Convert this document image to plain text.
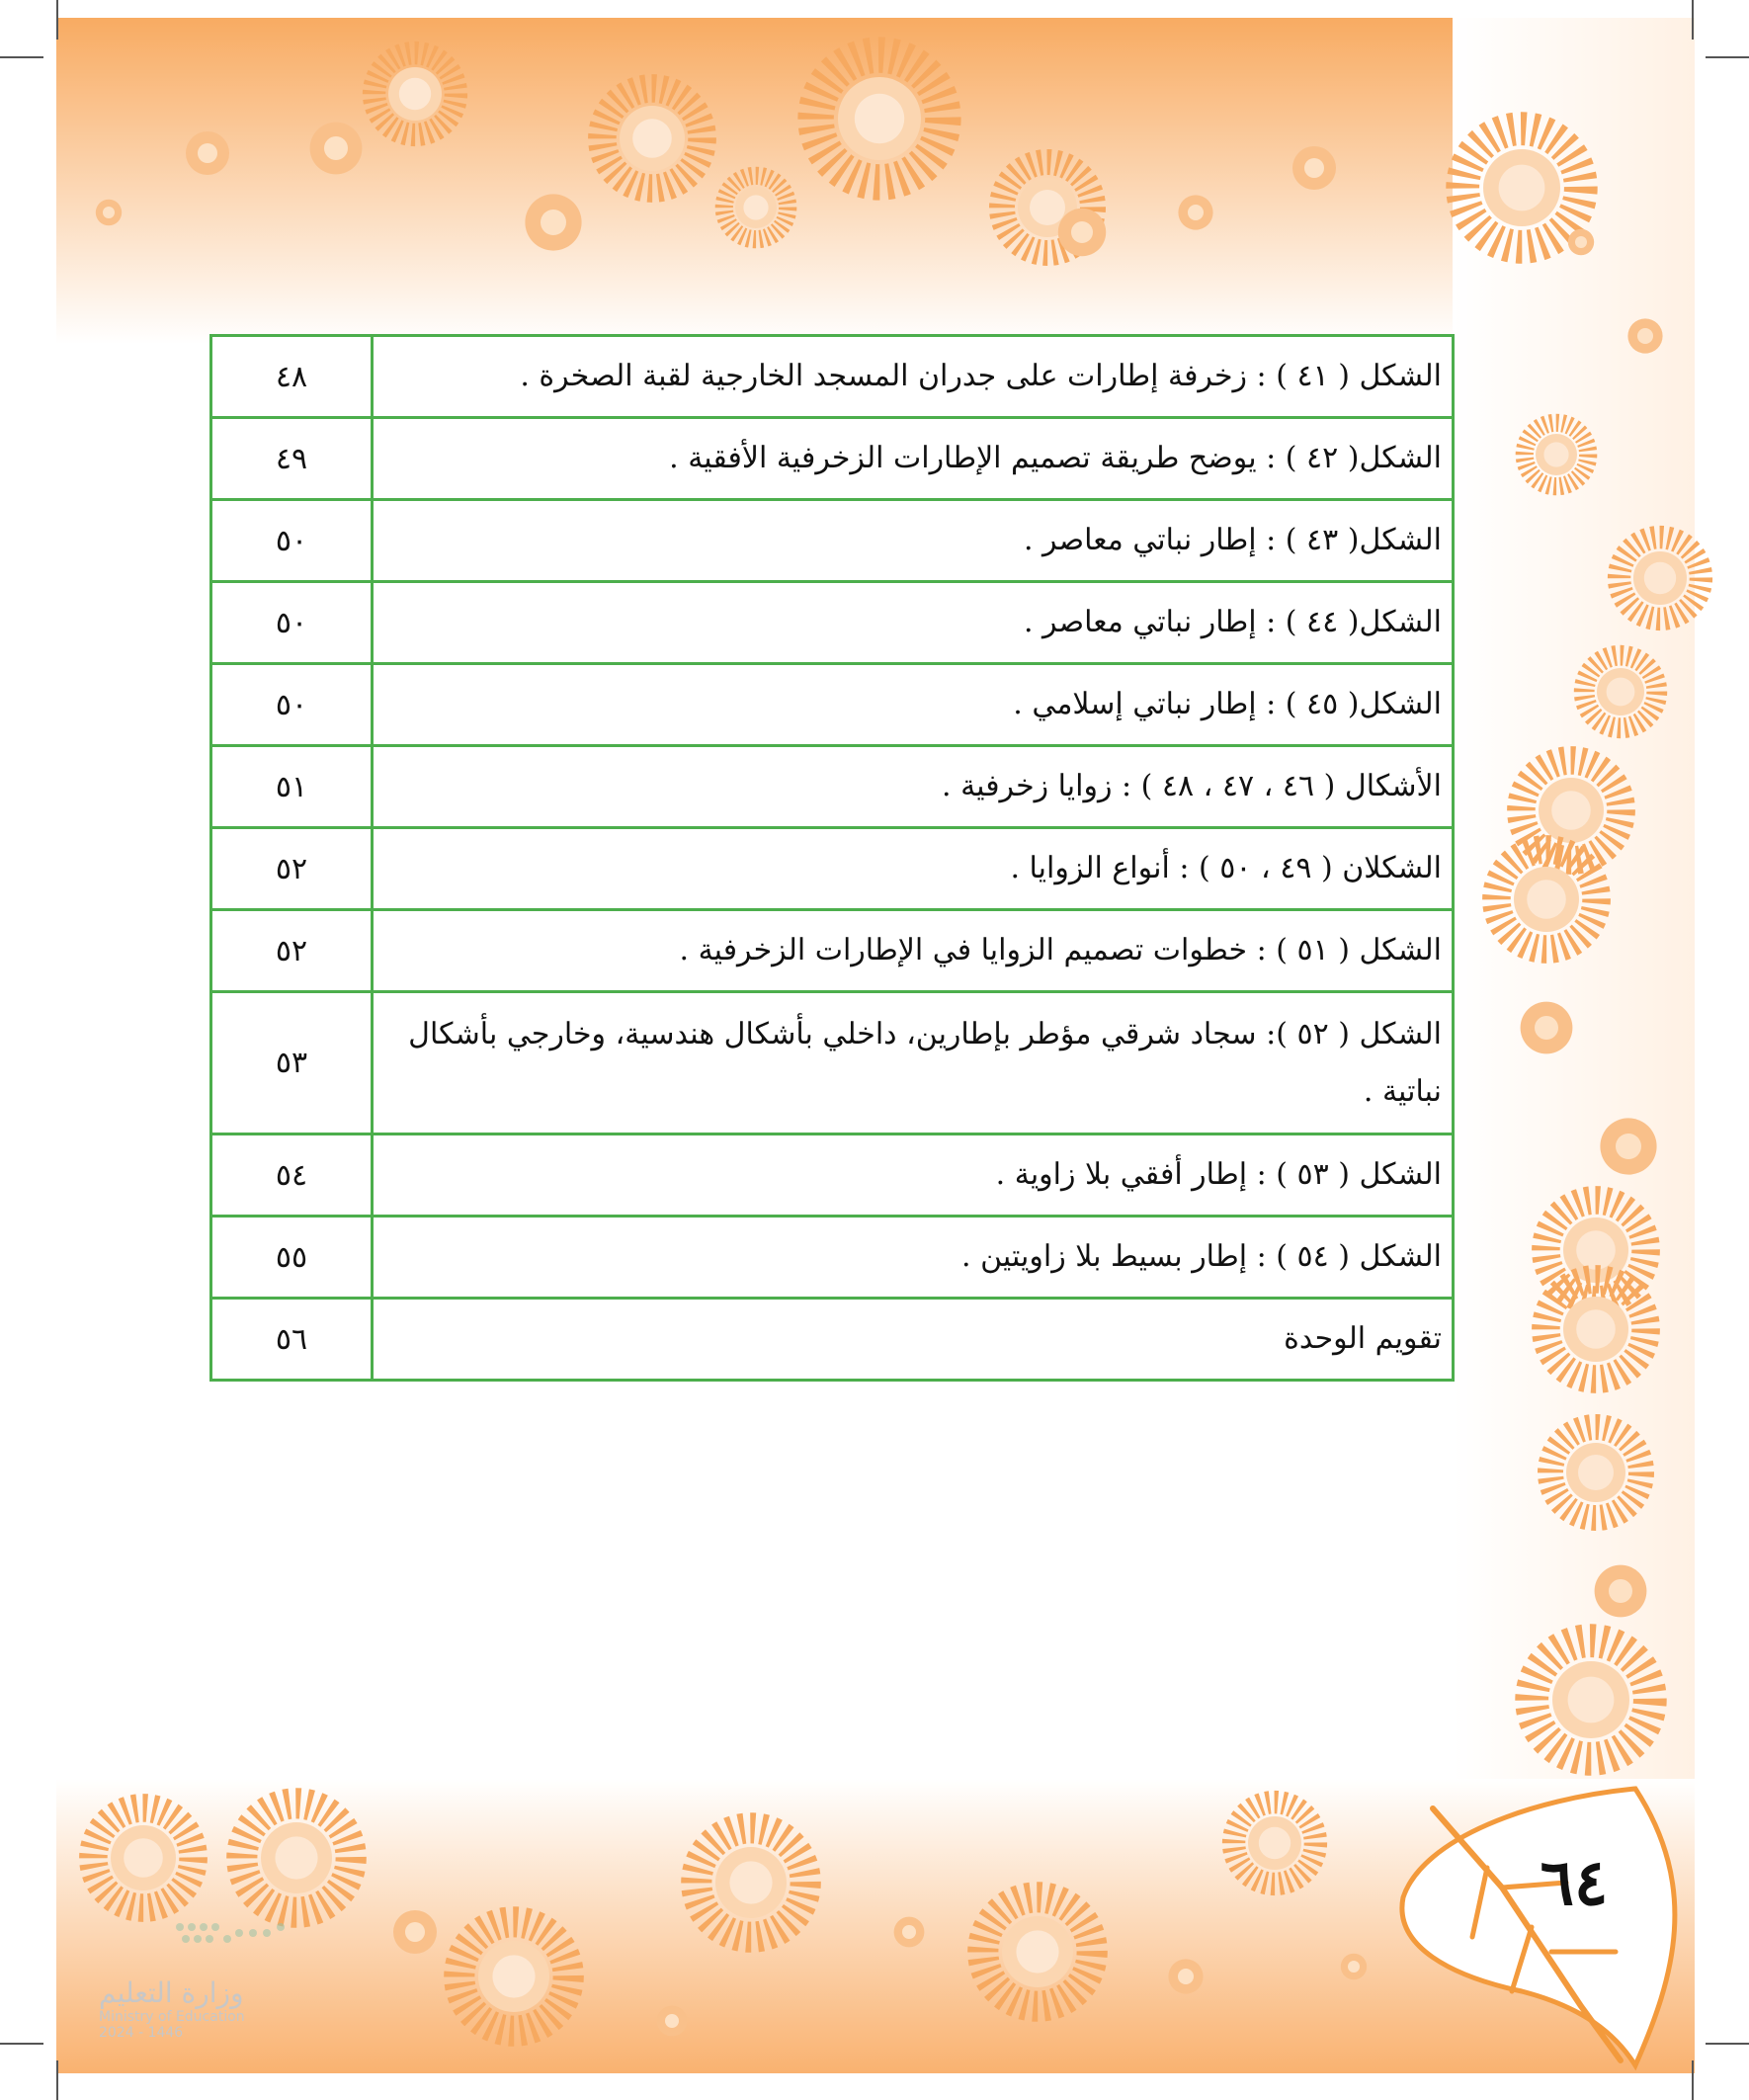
الشكل ( ٤١ ) : زخرفة إطارات على جدران المسجد الخارجية لقبة الصخرة .	٤٨
الشكل( ٤٢ ) : يوضح طريقة تصميم الإطارات الزخرفية الأفقية .	٤٩
الشكل( ٤٣ ) : إطار نباتي معاصر .	٥٠
الشكل( ٤٤ ) : إطار نباتي معاصر .	٥٠
الشكل( ٤٥ ) : إطار نباتي إسلامي .	٥٠
الأشكال ( ٤٦ ، ٤٧ ، ٤٨ ) : زوايا زخرفية .	٥١
الشكلان ( ٤٩ ، ٥٠ ) : أنواع الزوايا .	٥٢
الشكل ( ٥١ ) : خطوات تصميم الزوايا في الإطارات الزخرفية .	٥٢
الشكل ( ٥٢ ): سجاد شرقي مؤطر بإطارين، داخلي بأشكال هندسية، وخارجي بأشكال نباتية .	٥٣
الشكل ( ٥٣ ) : إطار أفقي بلا زاوية .	٥٤
الشكل ( ٥٤ ) : إطار بسيط بلا زاويتين .	٥٥
تقويم الوحدة	٥٦
٦٤
وزارة التعليم
Ministry of Education
2024 - 1446
